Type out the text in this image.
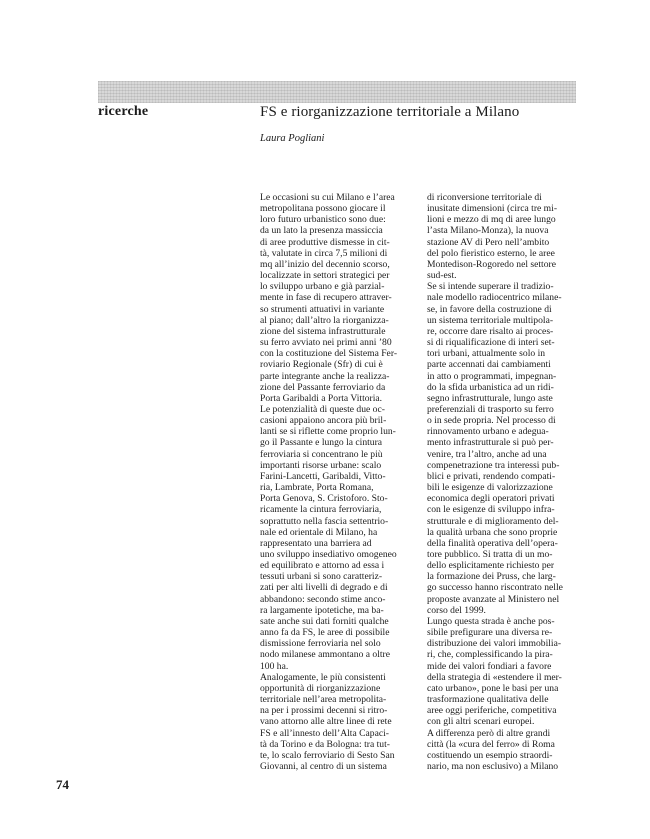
ricerche	FS e riorganizzazione territoriale a Milano
Laura Pogliani

Le occasioni su cui Milano e l’area

metropolitana possono giocare il

loro futuro urbanistico sono due:

da un lato la presenza massiccia

di aree produttive dismesse in cit-

tà, valutate in circa 7,5 milioni di

mq all’inizio del decennio scorso,

localizzate in settori strategici per

lo sviluppo urbano e già parzial-

mente in fase di recupero attraver-

so strumenti attuativi in variante

al piano; dall’altro la riorganizza-

zione del sistema infrastrutturale

su ferro avviato nei primi anni ’80

con la costituzione del Sistema Fer-

roviario Regionale (Sfr) di cui è

parte integrante anche la realizza-

zione del Passante ferroviario da

Porta Garibaldi a Porta Vittoria.

Le potenzialità di queste due oc-

casioni appaiono ancora più bril-

lanti se si riflette come proprio lun-

go il Passante e lungo la cintura

ferroviaria si concentrano le più

importanti risorse urbane: scalo

Farini-Lancetti, Garibaldi, Vitto-

ria, Lambrate, Porta Romana,

Porta Genova, S. Cristoforo. Sto-

ricamente la cintura ferroviaria,

soprattutto nella fascia settentrio-

nale ed orientale di Milano, ha

rappresentato una barriera ad

uno sviluppo insediativo omogeneo

ed equilibrato e attorno ad essa i

tessuti urbani si sono caratteriz-

zati per alti livelli di degrado e di

abbandono: secondo stime anco-

ra largamente ipotetiche, ma ba-

sate anche sui dati forniti qualche

anno fa da FS, le aree di possibile

dismissione ferroviaria nel solo

nodo milanese ammontano a oltre

100 ha.

Analogamente, le più consistenti

opportunità di riorganizzazione

territoriale nell’area metropolita-

na per i prossimi decenni si ritro-

vano attorno alle altre linee di rete

FS e all’innesto dell’Alta Capaci-

tà da Torino e da Bologna: tra tut-

te, lo scalo ferroviario di Sesto San

Giovanni, al centro di un sistema

di riconversione territoriale di

inusitate dimensioni (circa tre mi-

lioni e mezzo di mq di aree lungo

l’asta Milano-Monza), la nuova

stazione AV di Pero nell’ambito

del polo fieristico esterno, le aree

Montedison-Rogoredo nel settore

sud-est.

Se si intende superare il tradizio-

nale modello radiocentrico milane-

se, in favore della costruzione di

un sistema territoriale multipola-

re, occorre dare risalto ai proces-

si di riqualificazione di interi set-

tori urbani, attualmente solo in

parte accennati dai cambiamenti

in atto o programmati, impegnan-

do la sfida urbanistica ad un ridi-

segno infrastrutturale, lungo aste

preferenziali di trasporto su ferro

o in sede propria. Nel processo di

rinnovamento urbano e adegua-

mento infrastrutturale si può per-

venire, tra l’altro, anche ad una

compenetrazione tra interessi pub-

blici e privati, rendendo compati-

bili le esigenze di valorizzazione

economica degli operatori privati

con le esigenze di sviluppo infra-

strutturale e di miglioramento del-

la qualità urbana che sono proprie

della finalità operativa dell’opera-

tore pubblico. Si tratta di un mo-

dello esplicitamente richiesto per

la formazione dei Pruss, che larg-

go successo hanno riscontrato nelle

proposte avanzate al Ministero nel

corso del 1999.

Lungo questa strada è anche pos-

sibile prefigurare una diversa re-

distribuzione dei valori immobilia-

ri, che, complessificando la pira-

mide dei valori fondiari a favore

della strategia di «estendere il mer-

cato urbano», pone le basi per una

trasformazione qualitativa delle

aree oggi periferiche, competitiva

con gli altri scenari europei.

A differenza però di altre grandi

città (la «cura del ferro» di Roma

costituendo un esempio straordi-

nario, ma non esclusivo) a Milano

74
